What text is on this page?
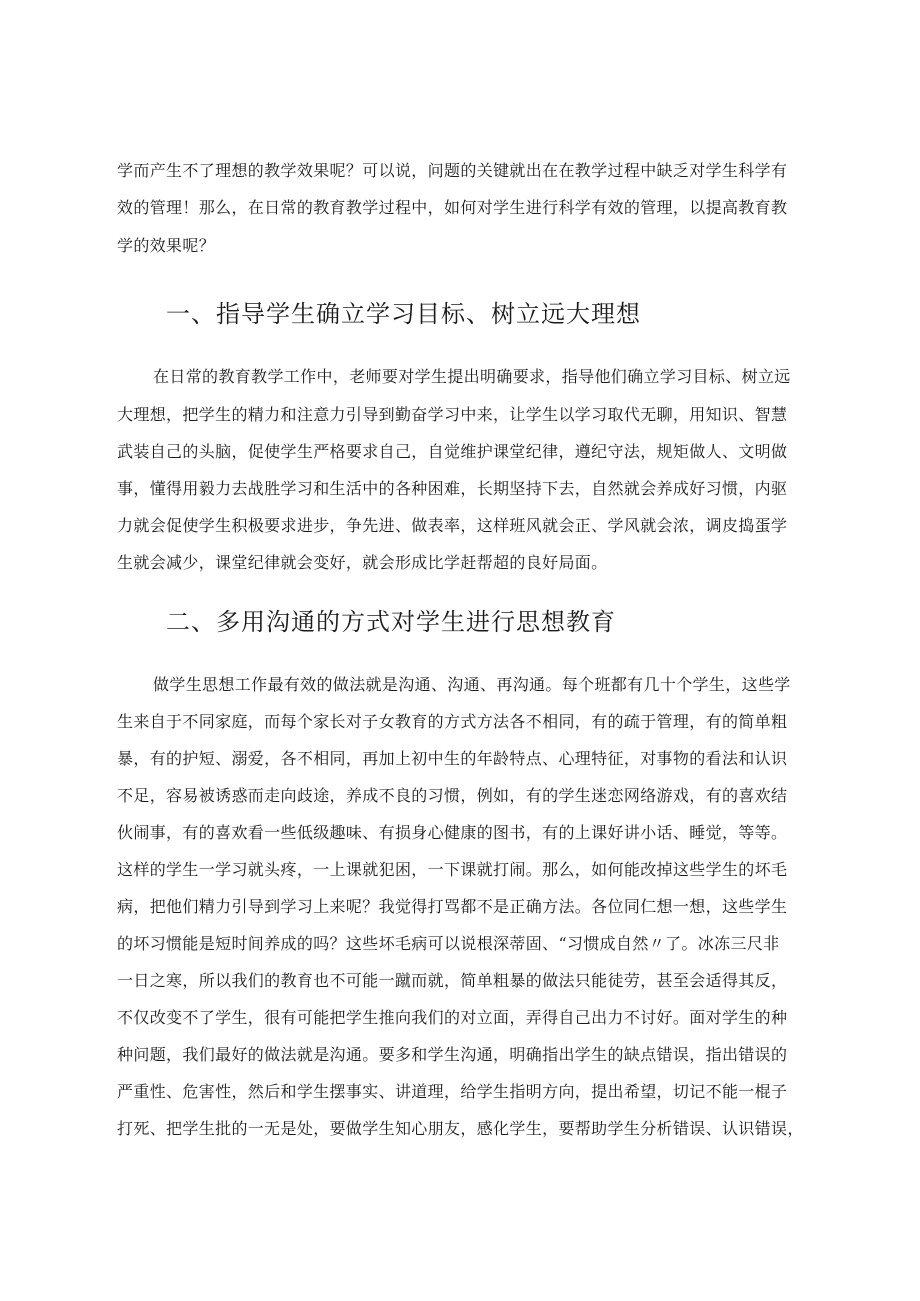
学而产生不了理想的教学效果呢？可以说，问题的关键就出在在教学过程中缺乏对学生科学有

效的管理！那么，在日常的教育教学过程中，如何对学生进行科学有效的管理，以提高教育教

学的效果呢？

一、指导学生确立学习目标、树立远大理想

在日常的教育教学工作中，老师要对学生提出明确要求，指导他们确立学习目标、树立远

大理想，把学生的精力和注意力引导到勤奋学习中来，让学生以学习取代无聊，用知识、智慧

武装自己的头脑，促使学生严格要求自己，自觉维护课堂纪律，遵纪守法，规矩做人、文明做

事，懂得用毅力去战胜学习和生活中的各种困难，长期坚持下去，自然就会养成好习惯，内驱

力就会促使学生积极要求进步，争先进、做表率，这样班风就会正、学风就会浓，调皮捣蛋学

生就会减少，课堂纪律就会变好，就会形成比学赶帮超的良好局面。

二、多用沟通的方式对学生进行思想教育

做学生思想工作最有效的做法就是沟通、沟通、再沟通。每个班都有几十个学生，这些学

生来自于不同家庭，而每个家长对子女教育的方式方法各不相同，有的疏于管理，有的简单粗

暴，有的护短、溺爱，各不相同，再加上初中生的年龄特点、心理特征，对事物的看法和认识

不足，容易被诱惑而走向歧途，养成不良的习惯，例如，有的学生迷恋网络游戏，有的喜欢结

伙闹事，有的喜欢看一些低级趣味、有损身心健康的图书，有的上课好讲小话、睡觉，等等。

这样的学生一学习就头疼，一上课就犯困，一下课就打闹。那么，如何能改掉这些学生的坏毛

病，把他们精力引导到学习上来呢？我觉得打骂都不是正确方法。各位同仁想一想，这些学生

的坏习惯能是短时间养成的吗？这些坏毛病可以说根深蒂固、“习惯成自然〃了。冰冻三尺非

一日之寒，所以我们的教育也不可能一蹴而就，简单粗暴的做法只能徒劳，甚至会适得其反，

不仅改变不了学生，很有可能把学生推向我们的对立面，弄得自己出力不讨好。面对学生的种

种问题，我们最好的做法就是沟通。要多和学生沟通，明确指出学生的缺点错误，指出错误的

严重性、危害性，然后和学生摆事实、讲道理，给学生指明方向，提出希望，切记不能一棍子

打死、把学生批的一无是处，要做学生知心朋友，感化学生，要帮助学生分析错误、认识错误，
